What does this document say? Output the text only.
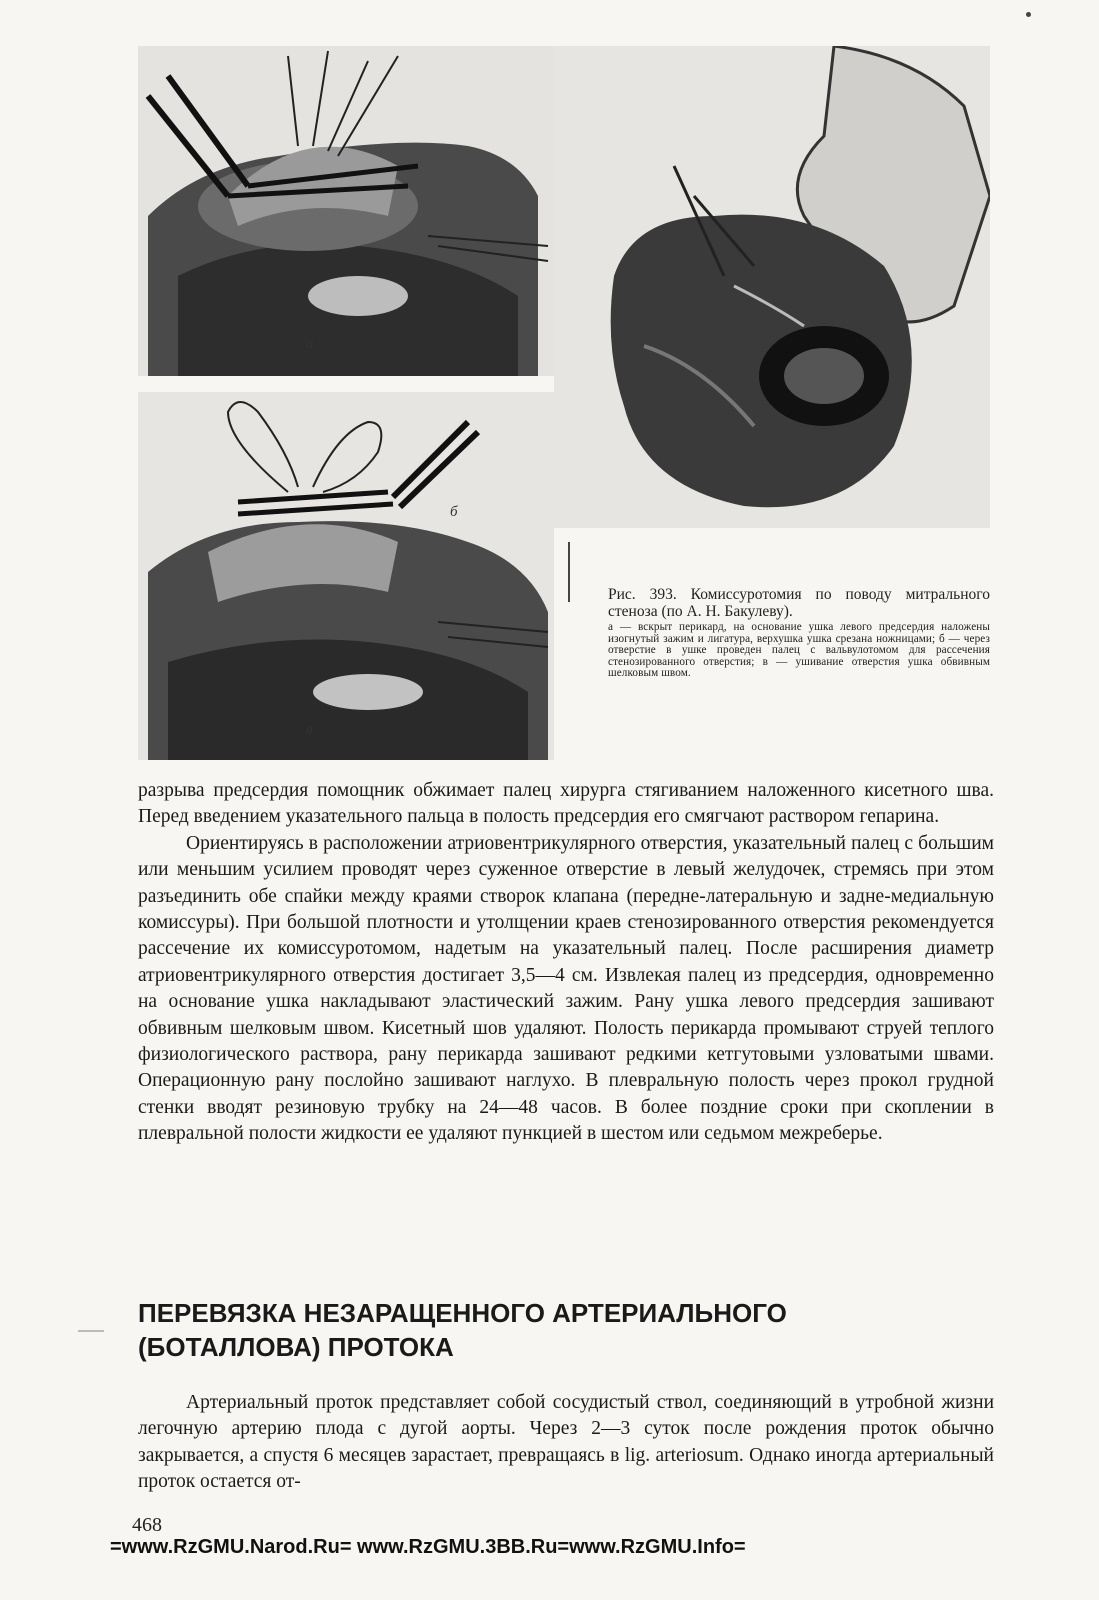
а
б
в
Рис. 393. Комиссуротомия по поводу митрального стеноза (по А. Н. Бакулеву).
а — вскрыт перикард, на основание ушка левого предсердия наложены изогнутый зажим и лигатура, верхушка ушка срезана ножницами; б — через отверстие в ушке проведен палец с вальвулотомом для рассечения стенозированного отверстия; в — ушивание отверстия ушка обвивным шелковым швом.

разрыва предсердия помощник обжимает палец хирурга стягиванием наложенного кисетного шва. Перед введением указательного пальца в полость предсердия его смягчают раствором гепарина.

Ориентируясь в расположении атриовентрикулярного отверстия, указательный палец с большим или меньшим усилием проводят через суженное отверстие в левый желудочек, стремясь при этом разъединить обе спайки между краями створок клапана (передне-латеральную и задне-медиальную комиссуры). При большой плотности и утолщении краев стенозированного отверстия рекомендуется рассечение их комиссуротомом, надетым на указательный палец. После расширения диаметр атриовентрикулярного отверстия достигает 3,5—4 см. Извлекая палец из предсердия, одновременно на основание ушка накладывают эластический зажим. Рану ушка левого предсердия зашивают обвивным шелковым швом. Кисетный шов удаляют. Полость перикарда промывают струей теплого физиологического раствора, рану перикарда зашивают редкими кетгутовыми узловатыми швами. Операционную рану послойно зашивают наглухо. В плевральную полость через прокол грудной стенки вводят резиновую трубку на 24—48 часов. В более поздние сроки при скоплении в плевральной полости жидкости ее удаляют пункцией в шестом или седьмом межреберье.

ПЕРЕВЯЗКА НЕЗАРАЩЕННОГО АРТЕРИАЛЬНОГО
(БОТАЛЛОВА) ПРОТОКА

Артериальный проток представляет собой сосудистый ствол, соединяющий в утробной жизни легочную артерию плода с дугой аорты. Через 2—3 суток после рождения проток обычно закрывается, а спустя 6 месяцев зарастает, превращаясь в lig. arteriosum. Однако иногда артериальный проток остается от-

468
=www.RzGMU.Narod.Ru= www.RzGMU.3BB.Ru=www.RzGMU.Info=
